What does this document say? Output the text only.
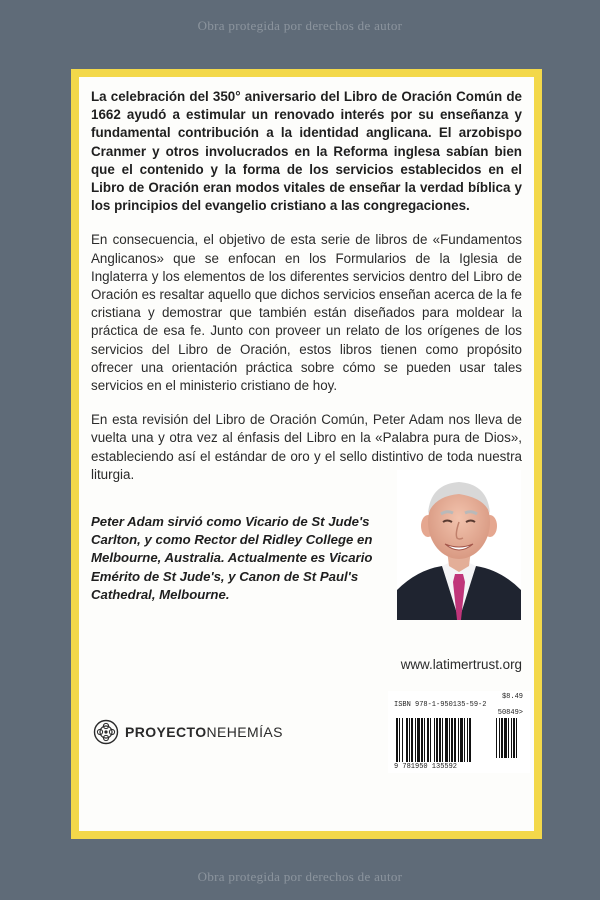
Obra protegida por derechos de autor

La celebración del 350° aniversario del Libro de Oración Común de 1662 ayudó a estimular un renovado interés por su enseñanza y fundamental contribución a la identidad anglicana. El arzobispo Cranmer y otros involucrados en la Reforma inglesa sabían bien que el contenido y la forma de los servicios establecidos en el Libro de Oración eran modos vitales de enseñar la verdad bíblica y los principios del evangelio cristiano a las congregaciones.

En consecuencia, el objetivo de esta serie de libros de «Fundamentos Anglicanos» que se enfocan en los Formularios de la Iglesia de Inglaterra y los elementos de los diferentes servicios dentro del Libro de Oración es resaltar aquello que dichos servicios enseñan acerca de la fe cristiana y demostrar que también están diseñados para moldear la práctica de esa fe. Junto con proveer un relato de los orígenes de los servicios del Libro de Oración, estos libros tienen como propósito ofrecer una orientación práctica sobre cómo se pueden usar tales servicios en el ministerio cristiano de hoy.

En esta revisión del Libro de Oración Común, Peter Adam nos lleva de vuelta una y otra vez al énfasis del Libro en la «Palabra pura de Dios», estableciendo así el estándar de oro y el sello distintivo de toda nuestra liturgia.

Peter Adam sirvió como Vicario de St Jude's Carlton, y como Rector del Ridley College en Melbourne, Australia. Actualmente es Vicario Emérito de St Jude's, y Canon de St Paul's Cathedral, Melbourne.

www.latimertrust.org
PROYECTONEHEMÍAS
$8.49
ISBN 978-1-950135-59-2
50849>
9 781950 135592
Obra protegida por derechos de autor
